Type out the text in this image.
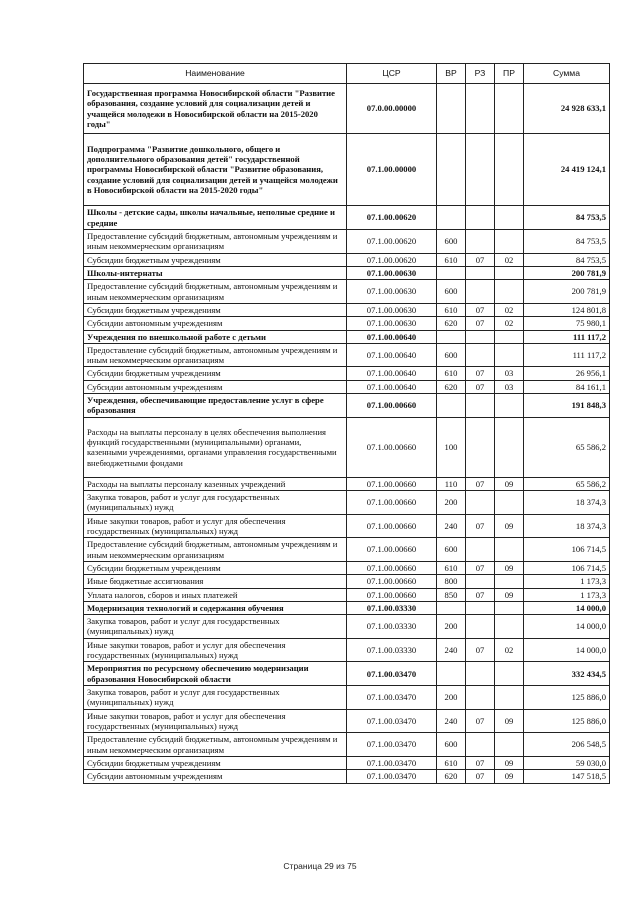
Наименование	ЦСР	ВР	РЗ	ПР	Сумма
Государственная программа Новосибирской области "Развитие образования, создание условий для социализации детей и учащейся молодежи в Новосибирской области на 2015-2020 годы"	07.0.00.00000				24 928 633,1
Подпрограмма "Развитие дошкольного, общего и дополнительного образования детей" государственной программы Новосибирской области "Развитие образования, создание условий для социализации детей и учащейся молодежи в Новосибирской области на 2015-2020 годы"	07.1.00.00000				24 419 124,1
Школы - детские сады, школы начальные, неполные средние и средние	07.1.00.00620				84 753,5
Предоставление субсидий бюджетным, автономным учреждениям и иным некоммерческим организациям	07.1.00.00620	600			84 753,5
Субсидии бюджетным учреждениям	07.1.00.00620	610	07	02	84 753,5
Школы-интернаты	07.1.00.00630				200 781,9
Предоставление субсидий бюджетным, автономным учреждениям и иным некоммерческим организациям	07.1.00.00630	600			200 781,9
Субсидии бюджетным учреждениям	07.1.00.00630	610	07	02	124 801,8
Субсидии автономным учреждениям	07.1.00.00630	620	07	02	75 980,1
Учреждения по внешкольной работе с детьми	07.1.00.00640				111 117,2
Предоставление субсидий бюджетным, автономным учреждениям и иным некоммерческим организациям	07.1.00.00640	600			111 117,2
Субсидии бюджетным учреждениям	07.1.00.00640	610	07	03	26 956,1
Субсидии автономным учреждениям	07.1.00.00640	620	07	03	84 161,1
Учреждения, обеспечивающие предоставление услуг в сфере образования	07.1.00.00660				191 848,3
Расходы на выплаты персоналу в целях обеспечения выполнения функций государственными (муниципальными) органами, казенными учреждениями, органами управления государственными внебюджетными фондами	07.1.00.00660	100			65 586,2
Расходы на выплаты персоналу казенных учреждений	07.1.00.00660	110	07	09	65 586,2
Закупка товаров, работ и услуг для государственных (муниципальных) нужд	07.1.00.00660	200			18 374,3
Иные закупки товаров, работ и услуг для обеспечения государственных (муниципальных) нужд	07.1.00.00660	240	07	09	18 374,3
Предоставление субсидий бюджетным, автономным учреждениям и иным некоммерческим организациям	07.1.00.00660	600			106 714,5
Субсидии бюджетным учреждениям	07.1.00.00660	610	07	09	106 714,5
Иные бюджетные ассигнования	07.1.00.00660	800			1 173,3
Уплата налогов, сборов и иных платежей	07.1.00.00660	850	07	09	1 173,3
Модернизация технологий и содержания обучения	07.1.00.03330				14 000,0
Закупка товаров, работ и услуг для государственных (муниципальных) нужд	07.1.00.03330	200			14 000,0
Иные закупки товаров, работ и услуг для обеспечения государственных (муниципальных) нужд	07.1.00.03330	240	07	02	14 000,0
Мероприятия по ресурсному обеспечению модернизации образования Новосибирской области	07.1.00.03470				332 434,5
Закупка товаров, работ и услуг для государственных (муниципальных) нужд	07.1.00.03470	200			125 886,0
Иные закупки товаров, работ и услуг для обеспечения государственных (муниципальных) нужд	07.1.00.03470	240	07	09	125 886,0
Предоставление субсидий бюджетным, автономным учреждениям и иным некоммерческим организациям	07.1.00.03470	600			206 548,5
Субсидии бюджетным учреждениям	07.1.00.03470	610	07	09	59 030,0
Субсидии автономным учреждениям	07.1.00.03470	620	07	09	147 518,5
Страница 29 из 75
